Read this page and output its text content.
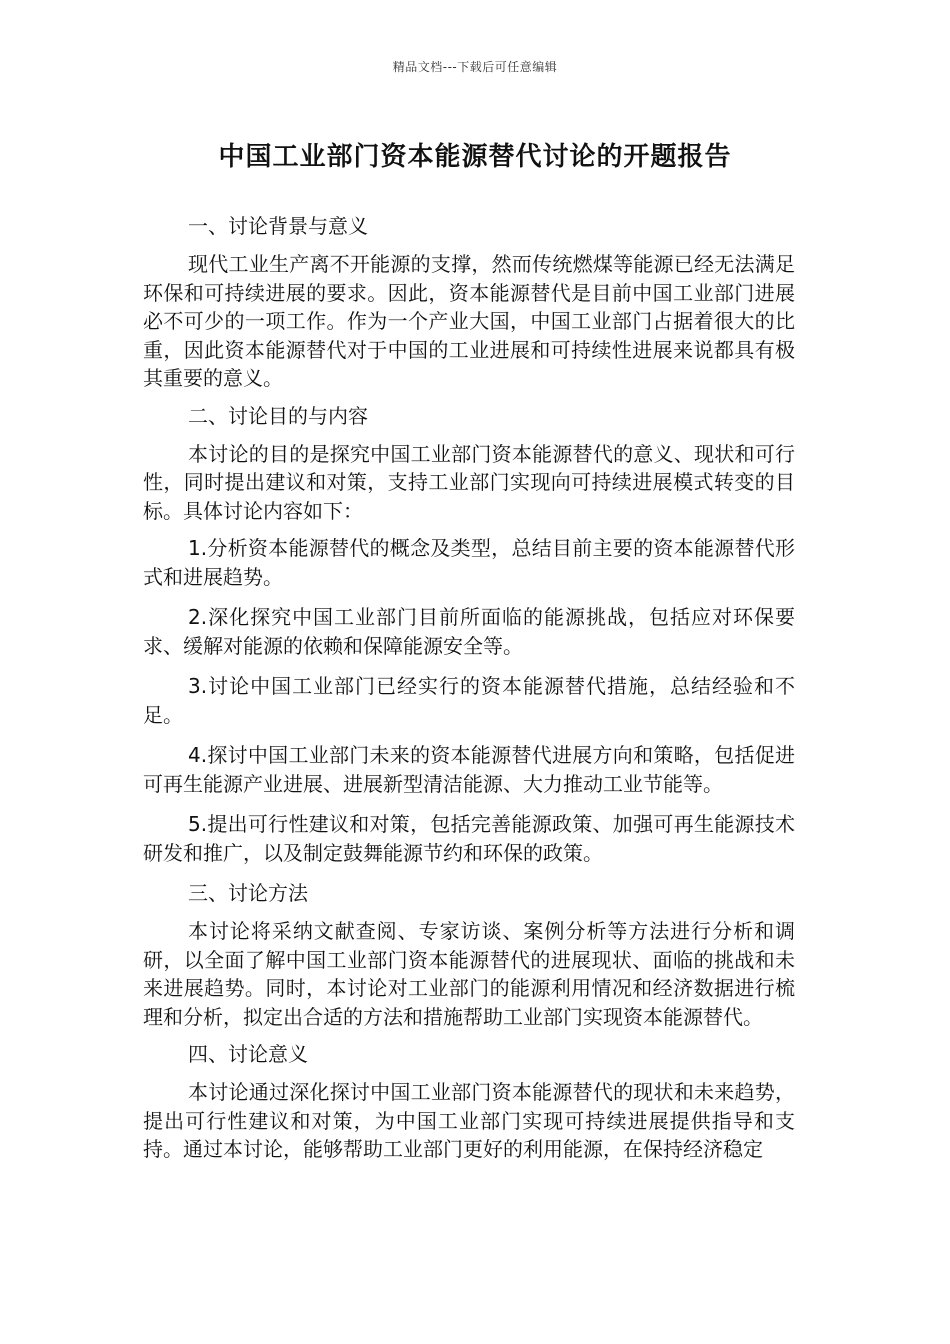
精品文档---下载后可任意编辑
中国工业部门资本能源替代讨论的开题报告

一、讨论背景与意义

现代工业生产离不开能源的支撑，然而传统燃煤等能源已经无法满足环保和可持续进展的要求。因此，资本能源替代是目前中国工业部门进展必不可少的一项工作。作为一个产业大国，中国工业部门占据着很大的比重，因此资本能源替代对于中国的工业进展和可持续性进展来说都具有极其重要的意义。

二、讨论目的与内容

本讨论的目的是探究中国工业部门资本能源替代的意义、现状和可行性，同时提出建议和对策，支持工业部门实现向可持续进展模式转变的目标。具体讨论内容如下：

1.分析资本能源替代的概念及类型，总结目前主要的资本能源替代形式和进展趋势。

2.深化探究中国工业部门目前所面临的能源挑战，包括应对环保要求、缓解对能源的依赖和保障能源安全等。

3.讨论中国工业部门已经实行的资本能源替代措施，总结经验和不足。

4.探讨中国工业部门未来的资本能源替代进展方向和策略，包括促进可再生能源产业进展、进展新型清洁能源、大力推动工业节能等。

5.提出可行性建议和对策，包括完善能源政策、加强可再生能源技术研发和推广，以及制定鼓舞能源节约和环保的政策。

三、讨论方法

本讨论将采纳文献查阅、专家访谈、案例分析等方法进行分析和调研，以全面了解中国工业部门资本能源替代的进展现状、面临的挑战和未来进展趋势。同时，本讨论对工业部门的能源利用情况和经济数据进行梳理和分析，拟定出合适的方法和措施帮助工业部门实现资本能源替代。

四、讨论意义

本讨论通过深化探讨中国工业部门资本能源替代的现状和未来趋势，提出可行性建议和对策，为中国工业部门实现可持续进展提供指导和支持。通过本讨论，能够帮助工业部门更好的利用能源，在保持经济稳定
